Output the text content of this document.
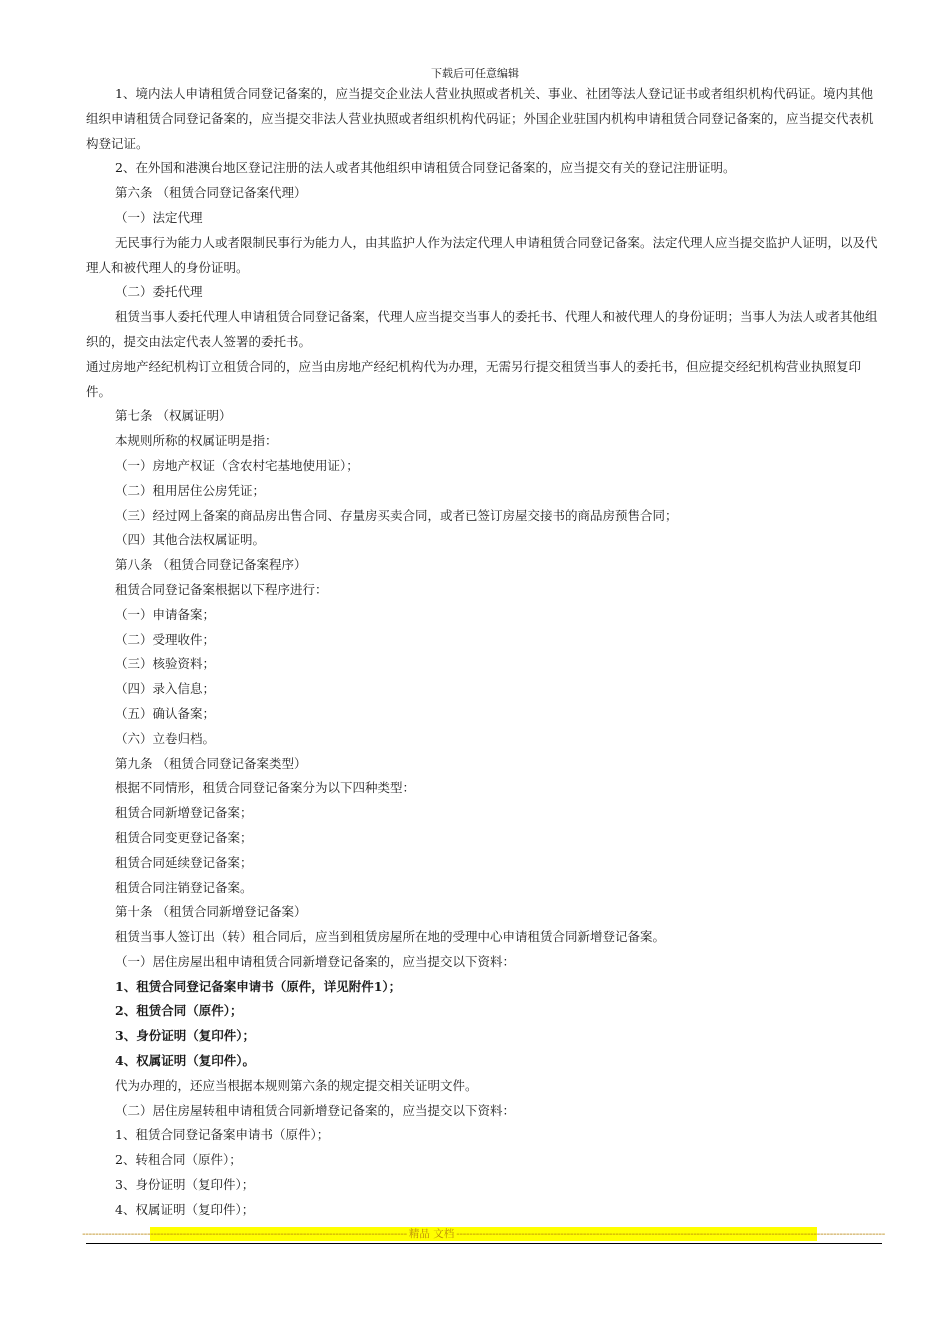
下载后可任意编辑

1、境内法人申请租赁合同登记备案的，应当提交企业法人营业执照或者机关、事业、社团等法人登记证书或者组织机构代码证。境内其他组织申请租赁合同登记备案的，应当提交非法人营业执照或者组织机构代码证；外国企业驻国内机构申请租赁合同登记备案的，应当提交代表机构登记证。

2、在外国和港澳台地区登记注册的法人或者其他组织申请租赁合同登记备案的，应当提交有关的登记注册证明。

第六条 （租赁合同登记备案代理）

（一）法定代理

无民事行为能力人或者限制民事行为能力人，由其监护人作为法定代理人申请租赁合同登记备案。法定代理人应当提交监护人证明，以及代理人和被代理人的身份证明。

（二）委托代理

租赁当事人委托代理人申请租赁合同登记备案，代理人应当提交当事人的委托书、代理人和被代理人的身份证明；当事人为法人或者其他组织的，提交由法定代表人签署的委托书。

通过房地产经纪机构订立租赁合同的，应当由房地产经纪机构代为办理，无需另行提交租赁当事人的委托书，但应提交经纪机构营业执照复印件。

第七条 （权属证明）

本规则所称的权属证明是指：

（一）房地产权证（含农村宅基地使用证）；

（二）租用居住公房凭证；

（三）经过网上备案的商品房出售合同、存量房买卖合同，或者已签订房屋交接书的商品房预售合同；

（四）其他合法权属证明。

第八条 （租赁合同登记备案程序）

租赁合同登记备案根据以下程序进行：

（一）申请备案；

（二）受理收件；

（三）核验资料；

（四）录入信息；

（五）确认备案；

（六）立卷归档。

第九条 （租赁合同登记备案类型）

根据不同情形，租赁合同登记备案分为以下四种类型：

租赁合同新增登记备案；

租赁合同变更登记备案；

租赁合同延续登记备案；

租赁合同注销登记备案。

第十条 （租赁合同新增登记备案）

租赁当事人签订出（转）租合同后，应当到租赁房屋所在地的受理中心申请租赁合同新增登记备案。

（一）居住房屋出租申请租赁合同新增登记备案的，应当提交以下资料：

1、租赁合同登记备案申请书（原件，详见附件1）；

2、租赁合同（原件）；

3、身份证明（复印件）；

4、权属证明（复印件）。

代为办理的，还应当根据本规则第六条的规定提交相关证明文件。

（二）居住房屋转租申请租赁合同新增登记备案的，应当提交以下资料：

1、租赁合同登记备案申请书（原件）；

2、转租合同（原件）；

3、身份证明（复印件）；

4、权属证明（复印件）；

---------------------------------------------------------------------------------------------------- 精品 文档 ------------------------------------------------------------------------------------------------------------------------------------
